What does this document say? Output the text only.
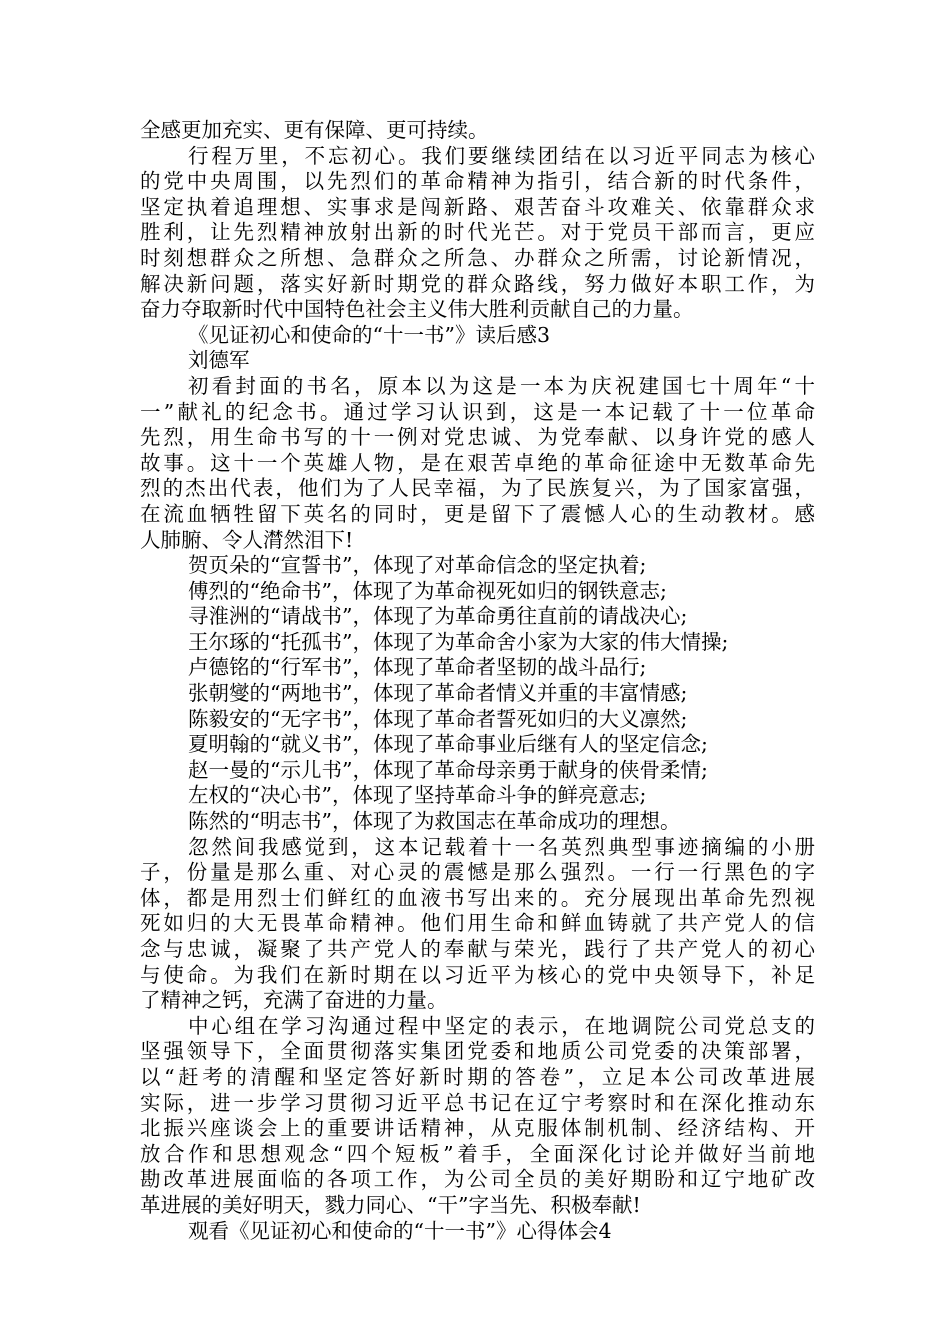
全感更加充实、更有保障、更可持续。
行程万里，不忘初心。我们要继续团结在以习近平同志为核心
的党中央周围，以先烈们的革命精神为指引，结合新的时代条件，
坚定执着追理想、实事求是闯新路、艰苦奋斗攻难关、依靠群众求
胜利，让先烈精神放射出新的时代光芒。对于党员干部而言，更应
时刻想群众之所想、急群众之所急、办群众之所需，讨论新情况，
解决新问题，落实好新时期党的群众路线，努力做好本职工作，为
奋力夺取新时代中国特色社会主义伟大胜利贡献自己的力量。
《见证初心和使命的“十一书”》读后感3
刘德军
初看封面的书名，原本以为这是一本为庆祝建国七十周年“十
一”献礼的纪念书。通过学习认识到，这是一本记载了十一位革命
先烈，用生命书写的十一例对党忠诚、为党奉献、以身许党的感人
故事。这十一个英雄人物，是在艰苦卓绝的革命征途中无数革命先
烈的杰出代表，他们为了人民幸福，为了民族复兴，为了国家富强，
在流血牺牲留下英名的同时，更是留下了震憾人心的生动教材。感
人肺腑、令人潸然泪下!
贺页朵的“宣誓书”，体现了对革命信念的坚定执着;
傅烈的“绝命书”，体现了为革命视死如归的钢铁意志;
寻淮洲的“请战书”，体现了为革命勇往直前的请战决心;
王尔琢的“托孤书”，体现了为革命舍小家为大家的伟大情操;
卢德铭的“行军书”，体现了革命者坚韧的战斗品行;
张朝燮的“两地书”，体现了革命者情义并重的丰富情感;
陈毅安的“无字书”，体现了革命者誓死如归的大义凛然;
夏明翰的“就义书”，体现了革命事业后继有人的坚定信念;
赵一曼的“示儿书”，体现了革命母亲勇于献身的侠骨柔情;
左权的“决心书”，体现了坚持革命斗争的鲜亮意志;
陈然的“明志书”，体现了为救国志在革命成功的理想。
忽然间我感觉到，这本记载着十一名英烈典型事迹摘编的小册
子，份量是那么重、对心灵的震憾是那么强烈。一行一行黑色的字
体，都是用烈士们鲜红的血液书写出来的。充分展现出革命先烈视
死如归的大无畏革命精神。他们用生命和鲜血铸就了共产党人的信
念与忠诚，凝聚了共产党人的奉献与荣光，践行了共产党人的初心
与使命。为我们在新时期在以习近平为核心的党中央领导下，补足
了精神之钙，充满了奋进的力量。
中心组在学习沟通过程中坚定的表示，在地调院公司党总支的
坚强领导下，全面贯彻落实集团党委和地质公司党委的决策部署，
以“赶考的清醒和坚定答好新时期的答卷”，立足本公司改革进展
实际，进一步学习贯彻习近平总书记在辽宁考察时和在深化推动东
北振兴座谈会上的重要讲话精神，从克服体制机制、经济结构、开
放合作和思想观念“四个短板”着手，全面深化讨论并做好当前地
勘改革进展面临的各项工作，为公司全员的美好期盼和辽宁地矿改
革进展的美好明天，戮力同心、“干”字当先、积极奉献!
观看《见证初心和使命的“十一书”》心得体会4
